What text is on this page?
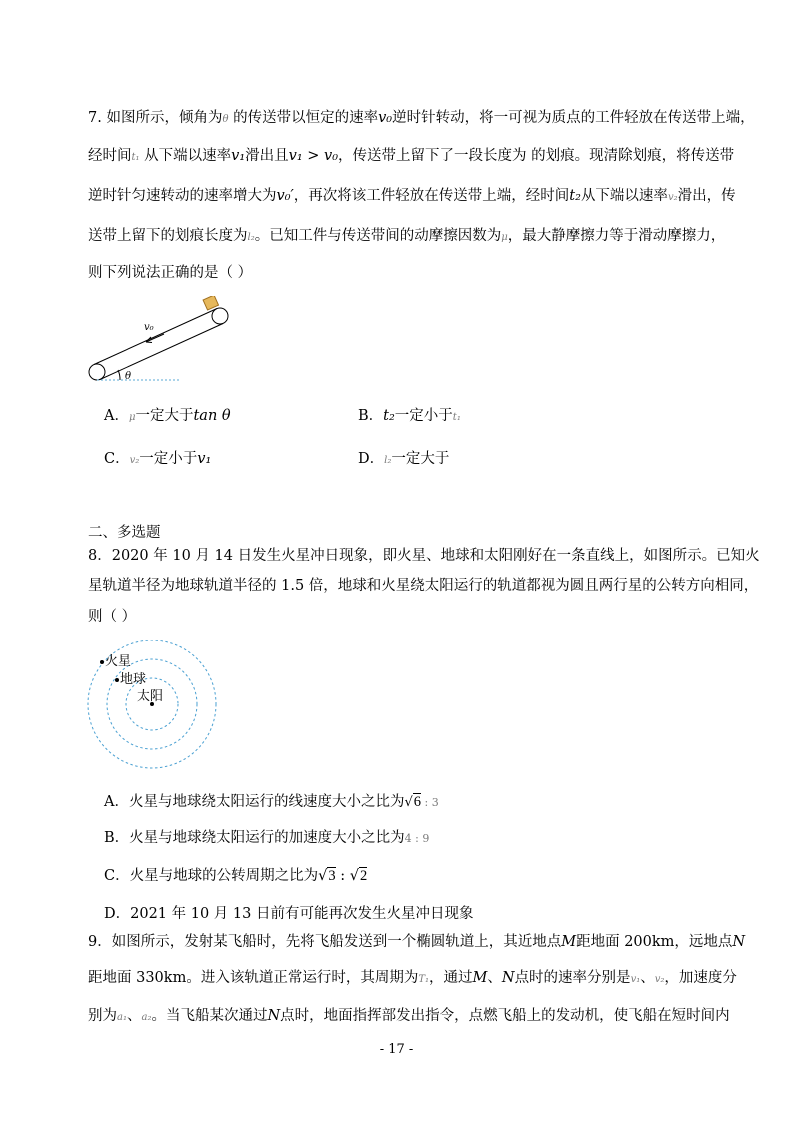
7. 如图所示，倾角为θ 的传送带以恒定的速率v₀逆时针转动，将一可视为质点的工件轻放在传送带上端，
经时间t₁ 从下端以速率v₁滑出且v₁ > v₀，传送带上留下了一段长度为 的划痕。现清除划痕，将传送带
逆时针匀速转动的速率增大为v₀′，再次将该工件轻放在传送带上端，经时间t₂从下端以速率v₂滑出，传
送带上留下的划痕长度为l₂。已知工件与传送带间的动摩擦因数为μ，最大静摩擦力等于滑动摩擦力，
则下列说法正确的是（ ）
v₀
θ
A．μ一定大于tan θ	B．t₂一定小于t₁
C．v₂一定小于v₁	D．l₂一定大于
二、多选题
8．2020 年 10 月 14 日发生火星冲日现象，即火星、地球和太阳刚好在一条直线上，如图所示。已知火
星轨道半径为地球轨道半径的 1.5 倍，地球和火星绕太阳运行的轨道都视为圆且两行星的公转方向相同，
则（ ）
火星
地球
太阳
A．火星与地球绕太阳运行的线速度大小之比为√6 : 3
B．火星与地球绕太阳运行的加速度大小之比为4 : 9
C．火星与地球的公转周期之比为√3 : √2
D．2021 年 10 月 13 日前有可能再次发生火星冲日现象
9．如图所示，发射某飞船时，先将飞船发送到一个椭圆轨道上，其近地点M距地面 200km，远地点N
距地面 330km。进入该轨道正常运行时，其周期为T₁，通过M、N点时的速率分别是v₁、v₂，加速度分
别为a₁、a₂。当飞船某次通过N点时，地面指挥部发出指令，点燃飞船上的发动机，使飞船在短时间内
- 17 -
